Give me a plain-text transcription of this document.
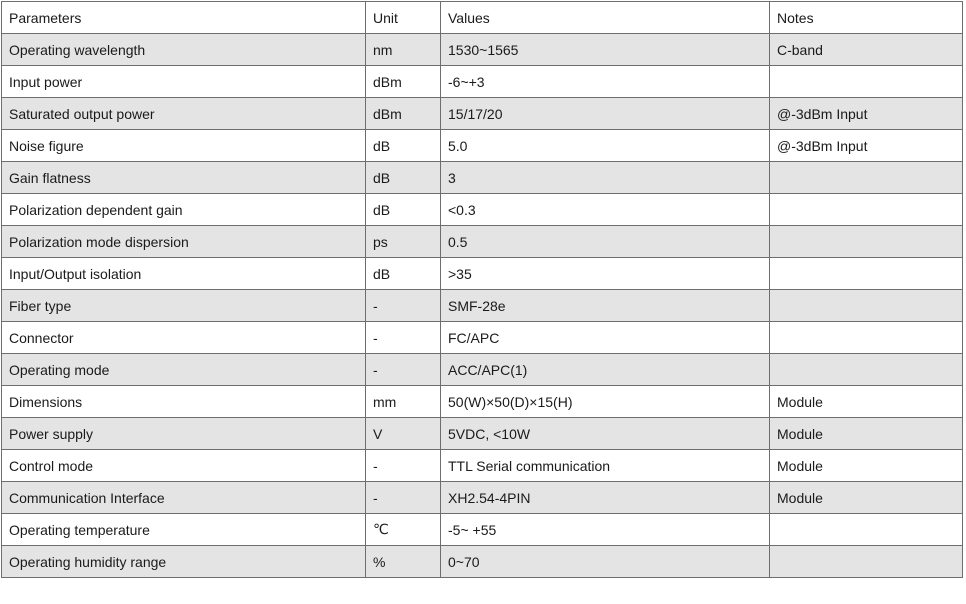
Parameters	Unit	Values	Notes
Operating wavelength	nm	1530~1565	C-band
Input power	dBm	-6~+3	
Saturated output power	dBm	15/17/20	@-3dBm Input
Noise figure	dB	5.0	@-3dBm Input
Gain flatness	dB	3	
Polarization dependent gain	dB	<0.3	
Polarization mode dispersion	ps	0.5	
Input/Output isolation	dB	>35	
Fiber type	-	SMF-28e	
Connector	-	FC/APC	
Operating mode	-	ACC/APC(1)	
Dimensions	mm	50(W)×50(D)×15(H)	Module
Power supply	V	5VDC, <10W	Module
Control mode	-	TTL Serial communication	Module
Communication Interface	-	XH2.54-4PIN	Module
Operating temperature	℃	-5~ +55	
Operating humidity range	%	0~70	
